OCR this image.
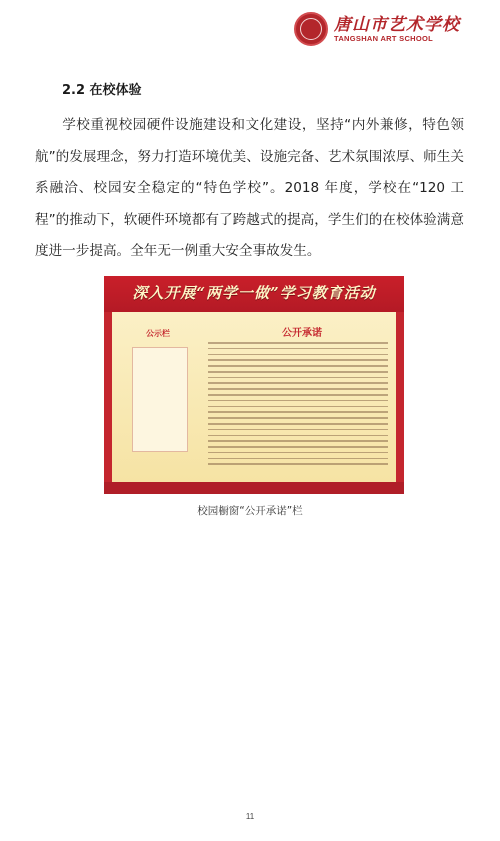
唐山市艺术学校
TANGSHAN ART SCHOOL
2.2 在校体验

学校重视校园硬件设施建设和文化建设，坚持“内外兼修，特色领航”的发展理念，努力打造环境优美、设施完备、艺术氛围浓厚、师生关系融洽、校园安全稳定的“特色学校”。2018 年度，学校在“120 工程”的推动下，软硬件环境都有了跨越式的提高，学生们的在校体验满意度进一步提高。全年无一例重大安全事故发生。

深入开展“两学一做”学习教育活动
公示栏	公开承诺
校园橱窗“公开承诺”栏
11
